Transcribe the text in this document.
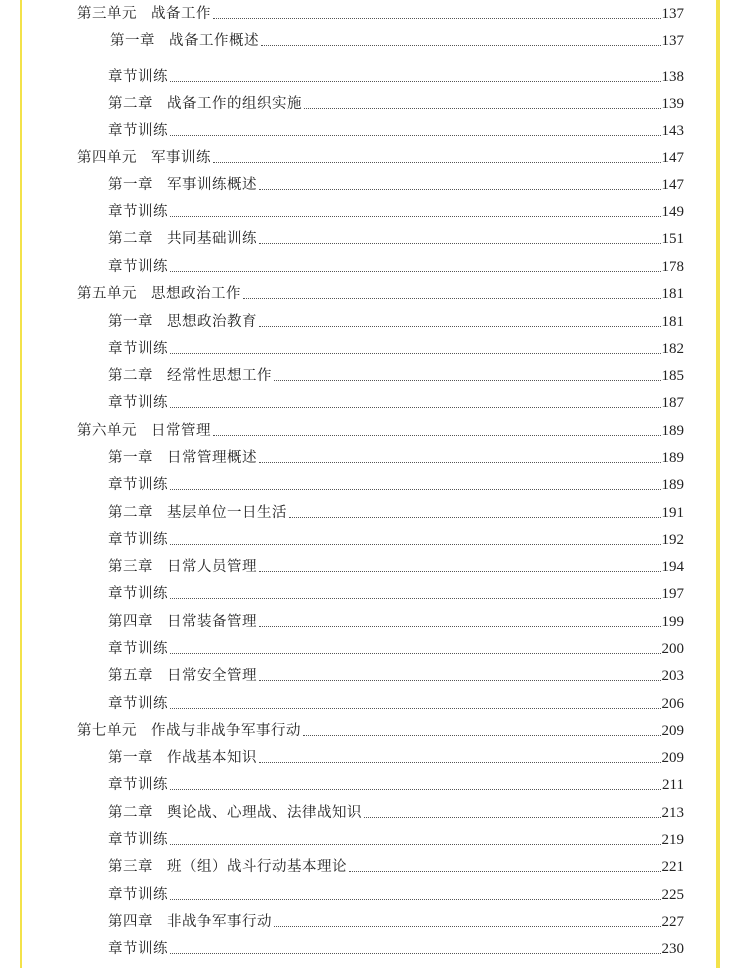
第三单元 战备工作	137
第一章 战备工作概述	137
章节训练	138
第二章 战备工作的组织实施	139
章节训练	143
第四单元 军事训练	147
第一章 军事训练概述	147
章节训练	149
第二章 共同基础训练	151
章节训练	178
第五单元 思想政治工作	181
第一章 思想政治教育	181
章节训练	182
第二章 经常性思想工作	185
章节训练	187
第六单元 日常管理	189
第一章 日常管理概述	189
章节训练	189
第二章 基层单位一日生活	191
章节训练	192
第三章 日常人员管理	194
章节训练	197
第四章 日常装备管理	199
章节训练	200
第五章 日常安全管理	203
章节训练	206
第七单元 作战与非战争军事行动	209
第一章 作战基本知识	209
章节训练	211
第二章 舆论战、心理战、法律战知识	213
章节训练	219
第三章 班（组）战斗行动基本理论	221
章节训练	225
第四章 非战争军事行动	227
章节训练	230
